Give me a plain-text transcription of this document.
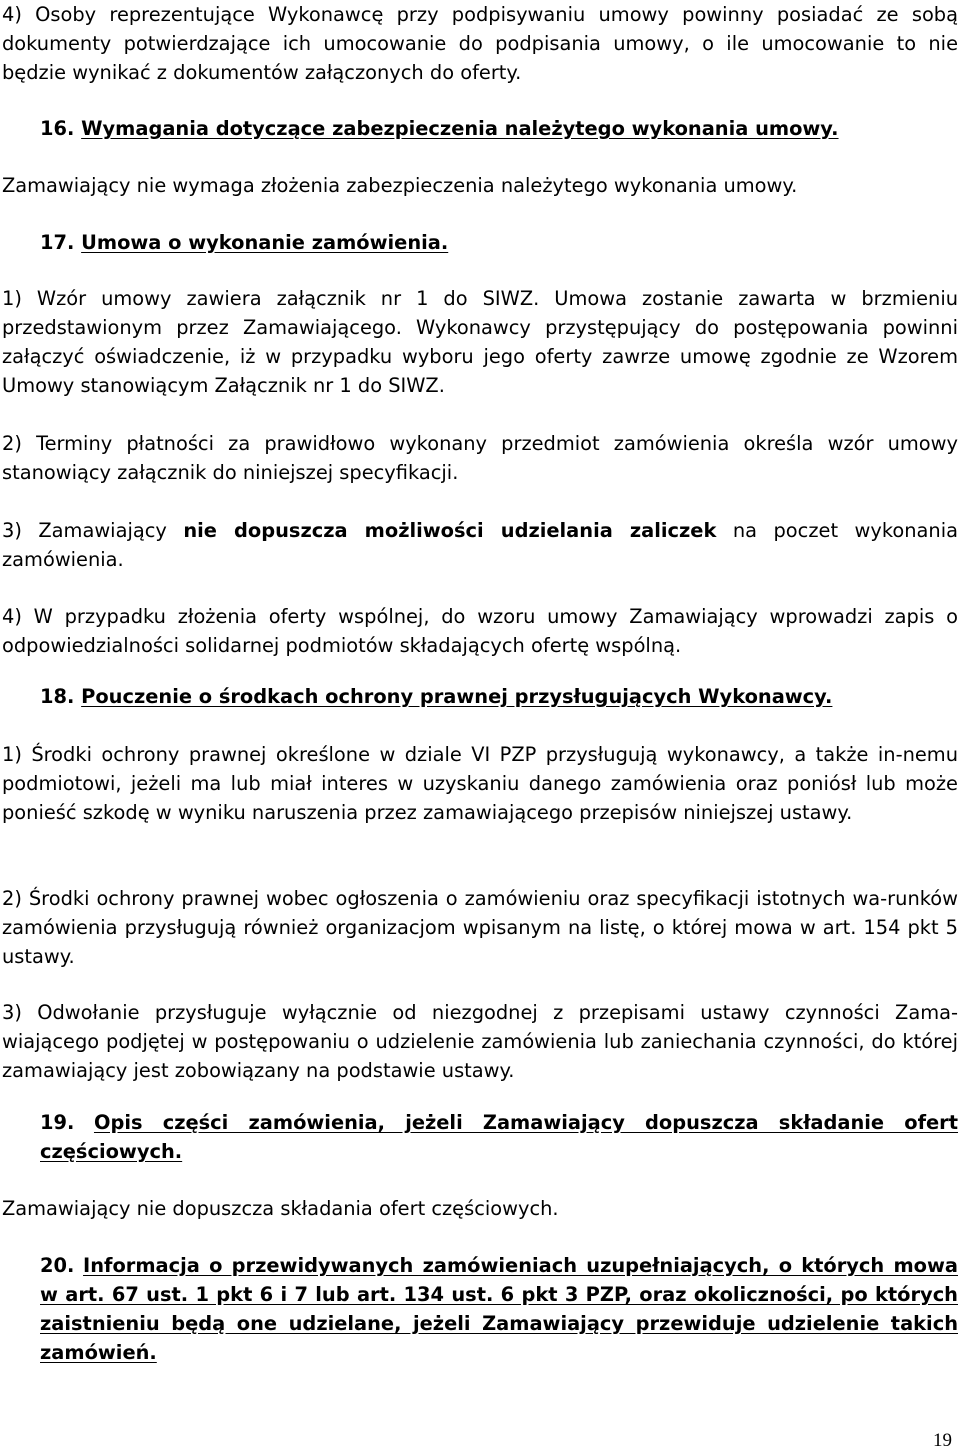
4) Osoby reprezentujące Wykonawcę przy podpisywaniu umowy powinny posiadać ze sobą dokumenty potwierdzające ich umocowanie do podpisania umowy, o ile umocowanie to nie będzie wynikać z dokumentów załączonych do oferty.

16. Wymagania dotyczące zabezpieczenia należytego wykonania umowy.

Zamawiający nie wymaga złożenia zabezpieczenia należytego wykonania umowy.

17. Umowa o wykonanie zamówienia.

1) Wzór umowy zawiera załącznik nr 1 do SIWZ. Umowa zostanie zawarta w brzmieniu przedstawionym przez Zamawiającego. Wykonawcy przystępujący do postępowania powinni załączyć oświadczenie, iż w przypadku wyboru jego oferty zawrze umowę zgodnie ze Wzorem Umowy stanowiącym Załącznik nr 1 do SIWZ.

2) Terminy płatności za prawidłowo wykonany przedmiot zamówienia określa wzór umowy stanowiący załącznik do niniejszej specyfikacji.

3) Zamawiający nie dopuszcza możliwości udzielania zaliczek na poczet wykonania zamówienia.

4) W przypadku złożenia oferty wspólnej, do wzoru umowy Zamawiający wprowadzi zapis o odpowiedzialności solidarnej podmiotów składających ofertę wspólną.

18. Pouczenie o środkach ochrony prawnej przysługujących Wykonawcy.

1) Środki ochrony prawnej określone w dziale VI PZP przysługują wykonawcy, a także in-nemu podmiotowi, jeżeli ma lub miał interes w uzyskaniu danego zamówienia oraz poniósł lub może ponieść szkodę w wyniku naruszenia przez zamawiającego przepisów niniejszej ustawy.

2) Środki ochrony prawnej wobec ogłoszenia o zamówieniu oraz specyfikacji istotnych wa-runków zamówienia przysługują również organizacjom wpisanym na listę, o której mowa w art. 154 pkt 5 ustawy.

3) Odwołanie przysługuje wyłącznie od niezgodnej z przepisami ustawy czynności Zama-wiającego podjętej w postępowaniu o udzielenie zamówienia lub zaniechania czynności, do której zamawiający jest zobowiązany na podstawie ustawy.

19. Opis części zamówienia, jeżeli Zamawiający dopuszcza składanie ofert częściowych.

Zamawiający nie dopuszcza składania ofert częściowych.

20. Informacja o przewidywanych zamówieniach uzupełniających, o których mowa w art. 67 ust. 1 pkt 6 i 7 lub art. 134 ust. 6 pkt 3 PZP, oraz okoliczności, po których zaistnieniu będą one udzielane, jeżeli Zamawiający przewiduje udzielenie takich zamówień.
19
